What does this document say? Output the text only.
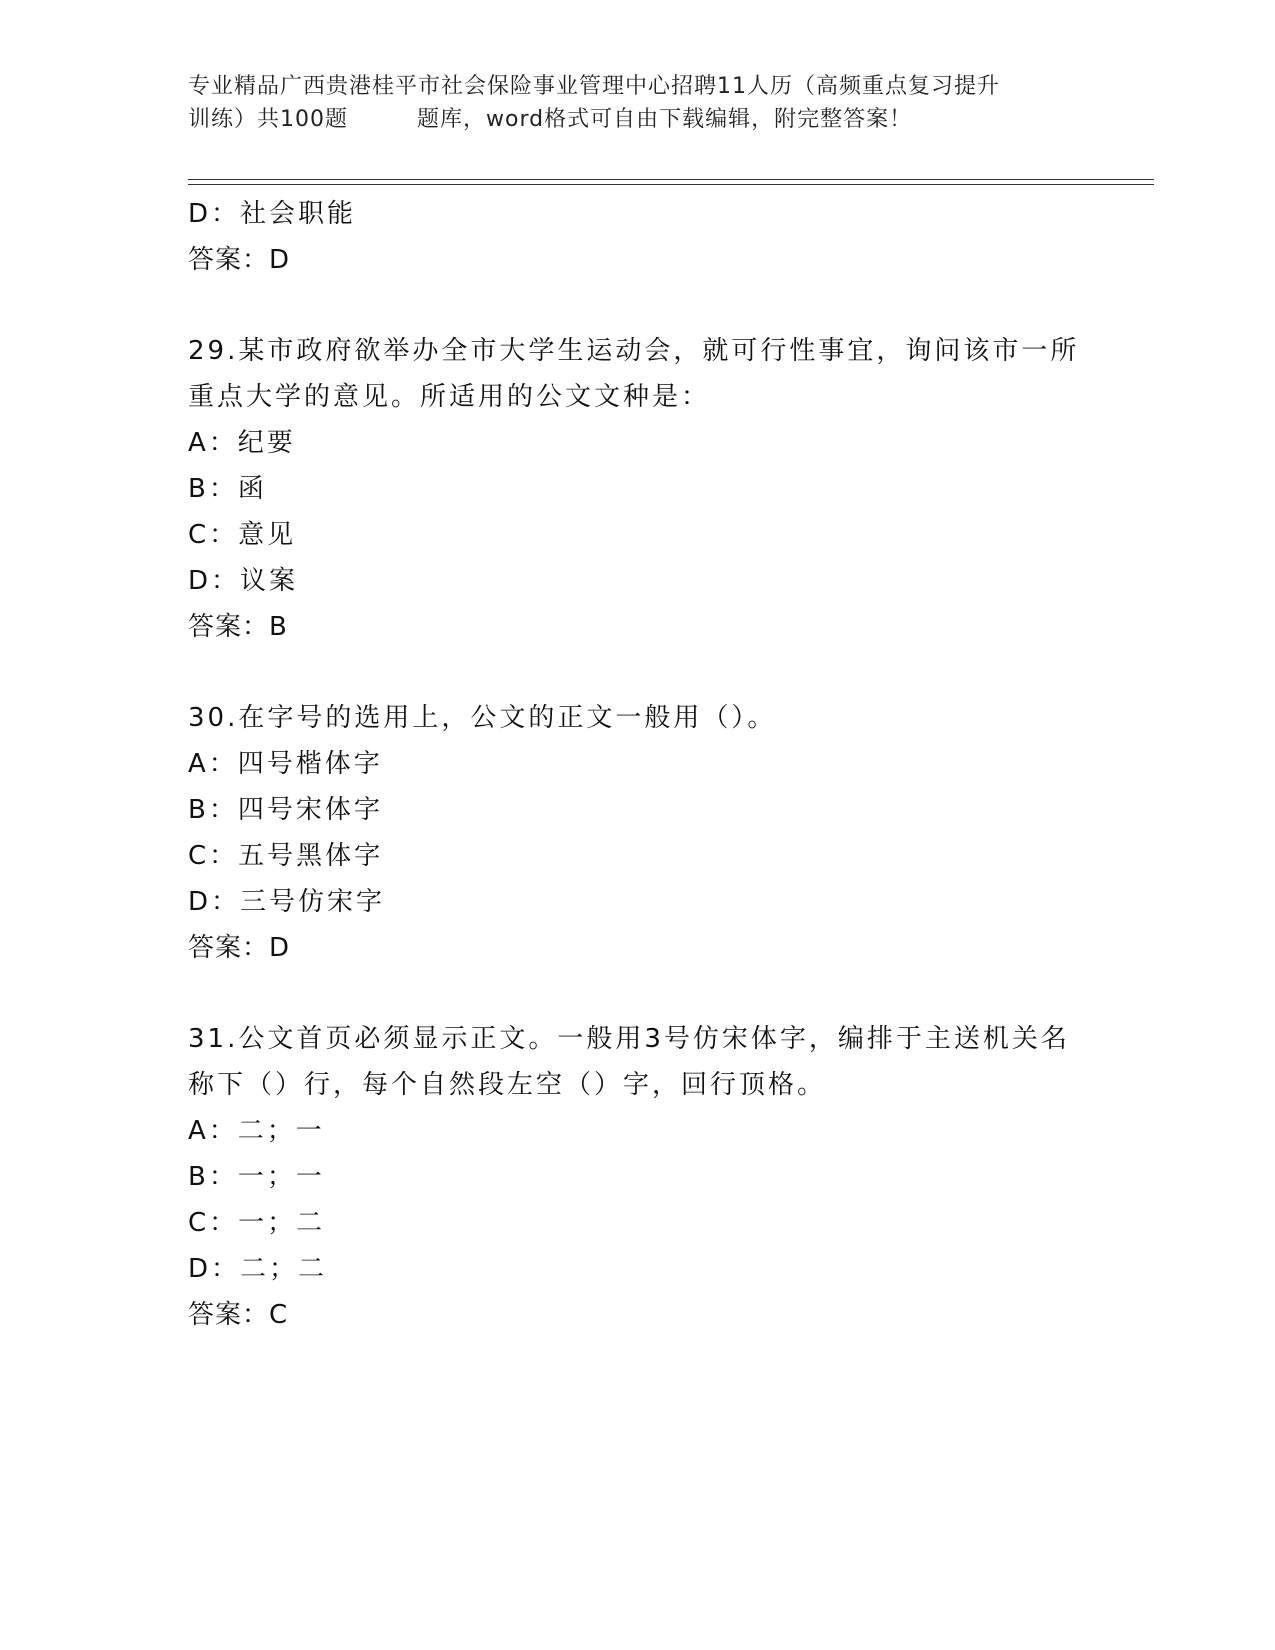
专业精品广西贵港桂平市社会保险事业管理中心招聘11人历（高频重点复习提升
训练）共100题　　　题库，word格式可自由下载编辑，附完整答案！
D：社会职能
答案：D
29.某市政府欲举办全市大学生运动会，就可行性事宜，询问该市一所
重点大学的意见。所适用的公文文种是：
A：纪要
B：函
C：意见
D：议案
答案：B
30.在字号的选用上，公文的正文一般用（）。
A：四号楷体字
B：四号宋体字
C：五号黑体字
D：三号仿宋字
答案：D
31.公文首页必须显示正文。一般用3号仿宋体字，编排于主送机关名
称下（）行，每个自然段左空（）字，回行顶格。
A：二；一
B：一；一
C：一；二
D：二；二
答案：C
